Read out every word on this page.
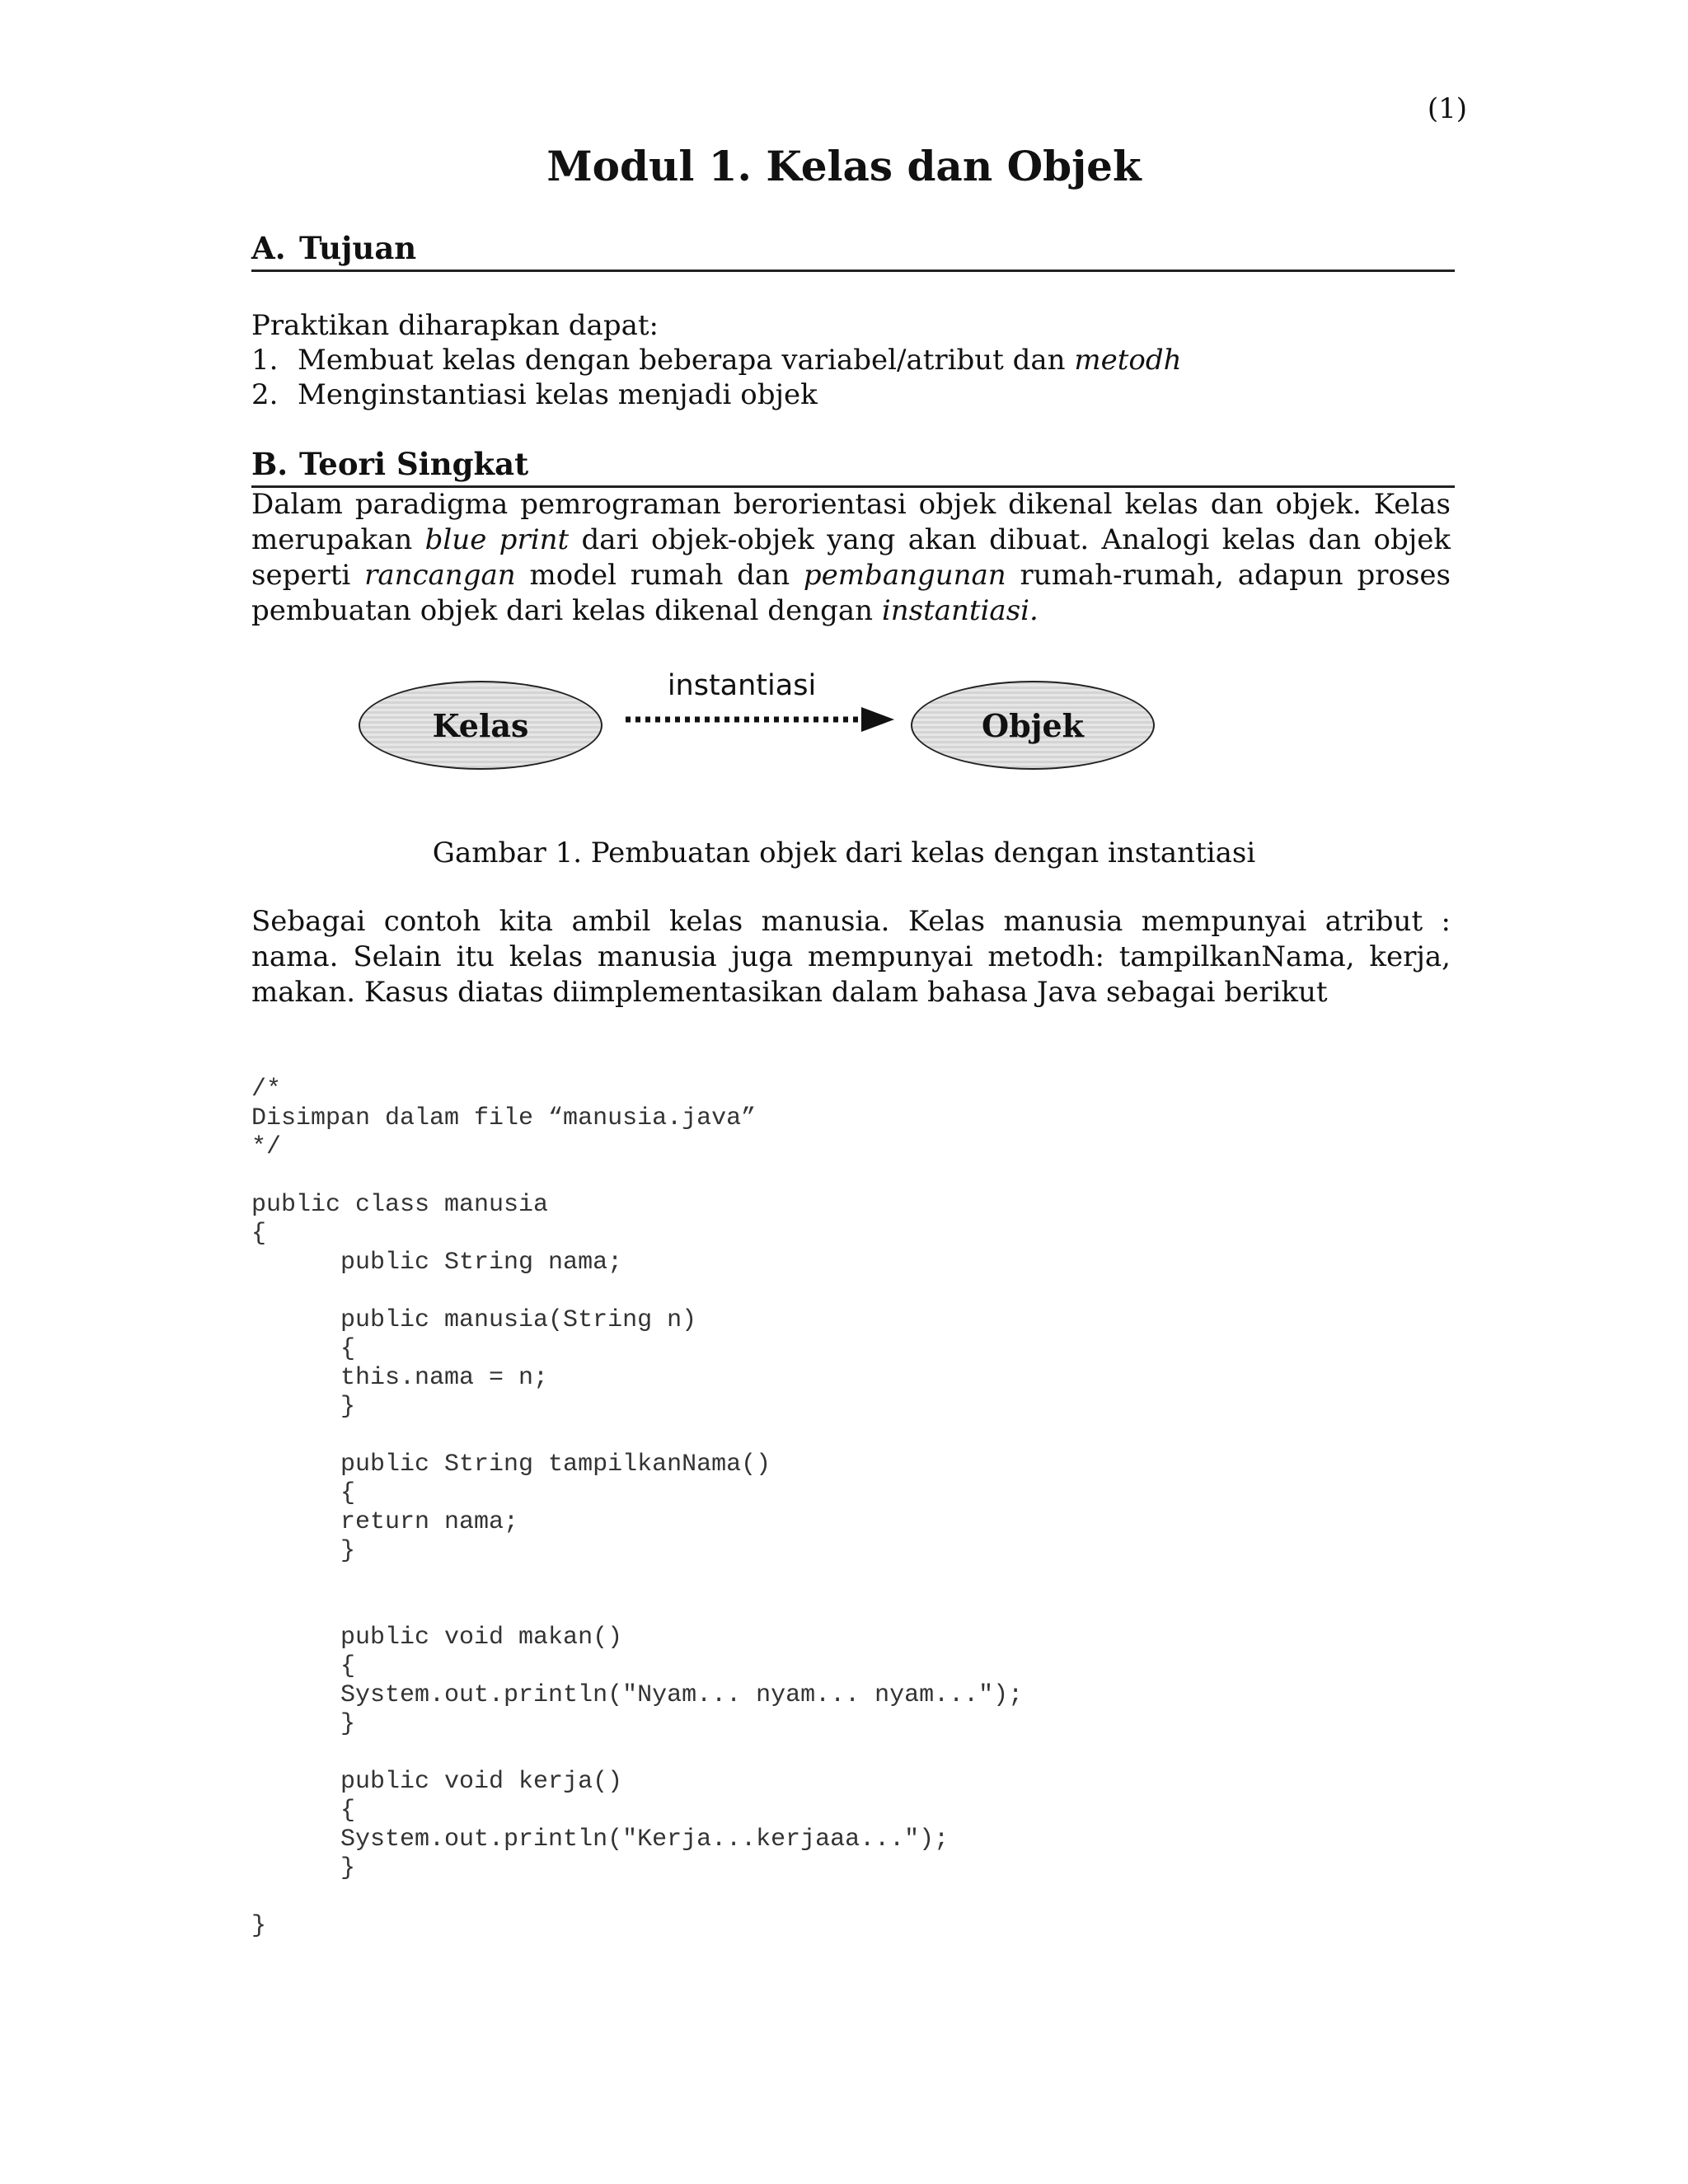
(1)
Modul 1. Kelas dan Objek
A. Tujuan

Praktikan diharapkan dapat:

1. Membuat kelas dengan beberapa variabel/atribut dan metodh
2. Menginstantiasi kelas menjadi objek
B. Teori Singkat

Dalam paradigma pemrograman berorientasi objek dikenal kelas dan objek. Kelas merupakan blue print dari objek-objek yang akan dibuat. Analogi kelas dan objek seperti rancangan model rumah dan pembangunan rumah-rumah, adapun proses pembuatan objek dari kelas dikenal dengan instantiasi.

Kelas
instantiasi
Objek

Gambar 1. Pembuatan objek dari kelas dengan instantiasi

Sebagai contoh kita ambil kelas manusia. Kelas manusia mempunyai atribut : nama. Selain itu kelas manusia juga mempunyai metodh: tampilkanNama, kerja, makan. Kasus diatas diimplementasikan dalam bahasa Java sebagai berikut

/*
Disimpan dalam file “manusia.java”
*/
public class manusia
{
public String nama;
public manusia(String n)
{
this.nama = n;
}
public String tampilkanNama()
{
return nama;
}
public void makan()
{
System.out.println("Nyam... nyam... nyam...");
}
public void kerja()
{
System.out.println("Kerja...kerjaaa...");
}
}
